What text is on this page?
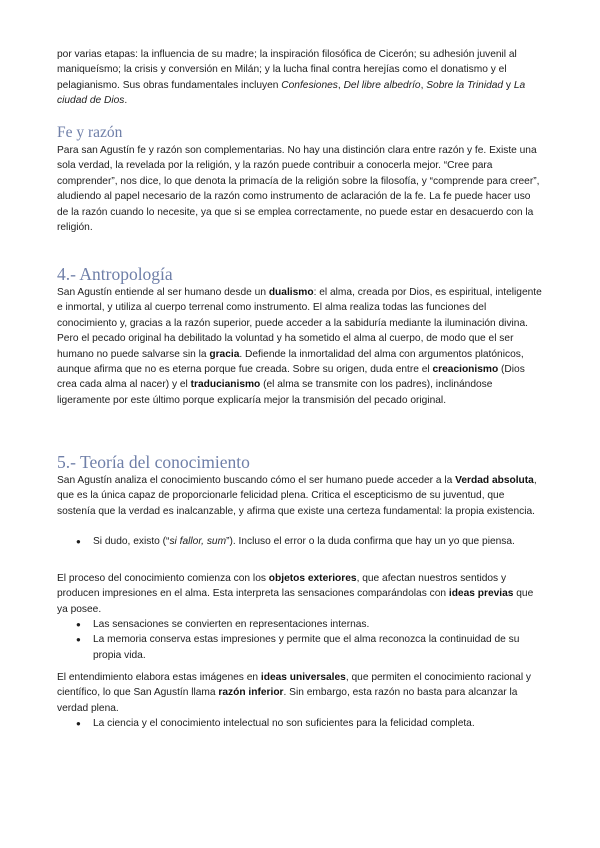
por varias etapas: la influencia de su madre; la inspiración filosófica de Cicerón; su adhesión juvenil al maniqueísmo; la crisis y conversión en Milán; y la lucha final contra herejías como el donatismo y el pelagianismo. Sus obras fundamentales incluyen Confesiones, Del libre albedrío, Sobre la Trinidad y La ciudad de Dios.

Fe y razón

Para san Agustín fe y razón son complementarias. No hay una distinción clara entre razón y fe. Existe una sola verdad, la revelada por la religión, y la razón puede contribuir a conocerla mejor. “Cree para comprender”, nos dice, lo que denota la primacía de la religión sobre la filosofía, y “comprende para creer”, aludiendo al papel necesario de la razón como instrumento de aclaración de la fe. La fe puede hacer uso de la razón cuando lo necesite, ya que si se emplea correctamente, no puede estar en desacuerdo con la religión.

4.- Antropología

San Agustín entiende al ser humano desde un dualismo: el alma, creada por Dios, es espiritual, inteligente e inmortal, y utiliza al cuerpo terrenal como instrumento. El alma realiza todas las funciones del conocimiento y, gracias a la razón superior, puede acceder a la sabiduría mediante la iluminación divina. Pero el pecado original ha debilitado la voluntad y ha sometido el alma al cuerpo, de modo que el ser humano no puede salvarse sin la gracia. Defiende la inmortalidad del alma con argumentos platónicos, aunque afirma que no es eterna porque fue creada. Sobre su origen, duda entre el creacionismo (Dios crea cada alma al nacer) y el traducianismo (el alma se transmite con los padres), inclinándose ligeramente por este último porque explicaría mejor la transmisión del pecado original.

5.- Teoría del conocimiento

San Agustín analiza el conocimiento buscando cómo el ser humano puede acceder a la Verdad absoluta, que es la única capaz de proporcionarle felicidad plena. Critica el escepticismo de su juventud, que sostenía que la verdad es inalcanzable, y afirma que existe una certeza fundamental: la propia existencia.

● Si dudo, existo (“si fallor, sum”). Incluso el error o la duda confirma que hay un yo que piensa.

El proceso del conocimiento comienza con los objetos exteriores, que afectan nuestros sentidos y producen impresiones en el alma. Esta interpreta las sensaciones comparándolas con ideas previas que ya posee.

● Las sensaciones se convierten en representaciones internas.
● La memoria conserva estas impresiones y permite que el alma reconozca la continuidad de su propia vida.

El entendimiento elabora estas imágenes en ideas universales, que permiten el conocimiento racional y científico, lo que San Agustín llama razón inferior. Sin embargo, esta razón no basta para alcanzar la verdad plena.

● La ciencia y el conocimiento intelectual no son suficientes para la felicidad completa.
